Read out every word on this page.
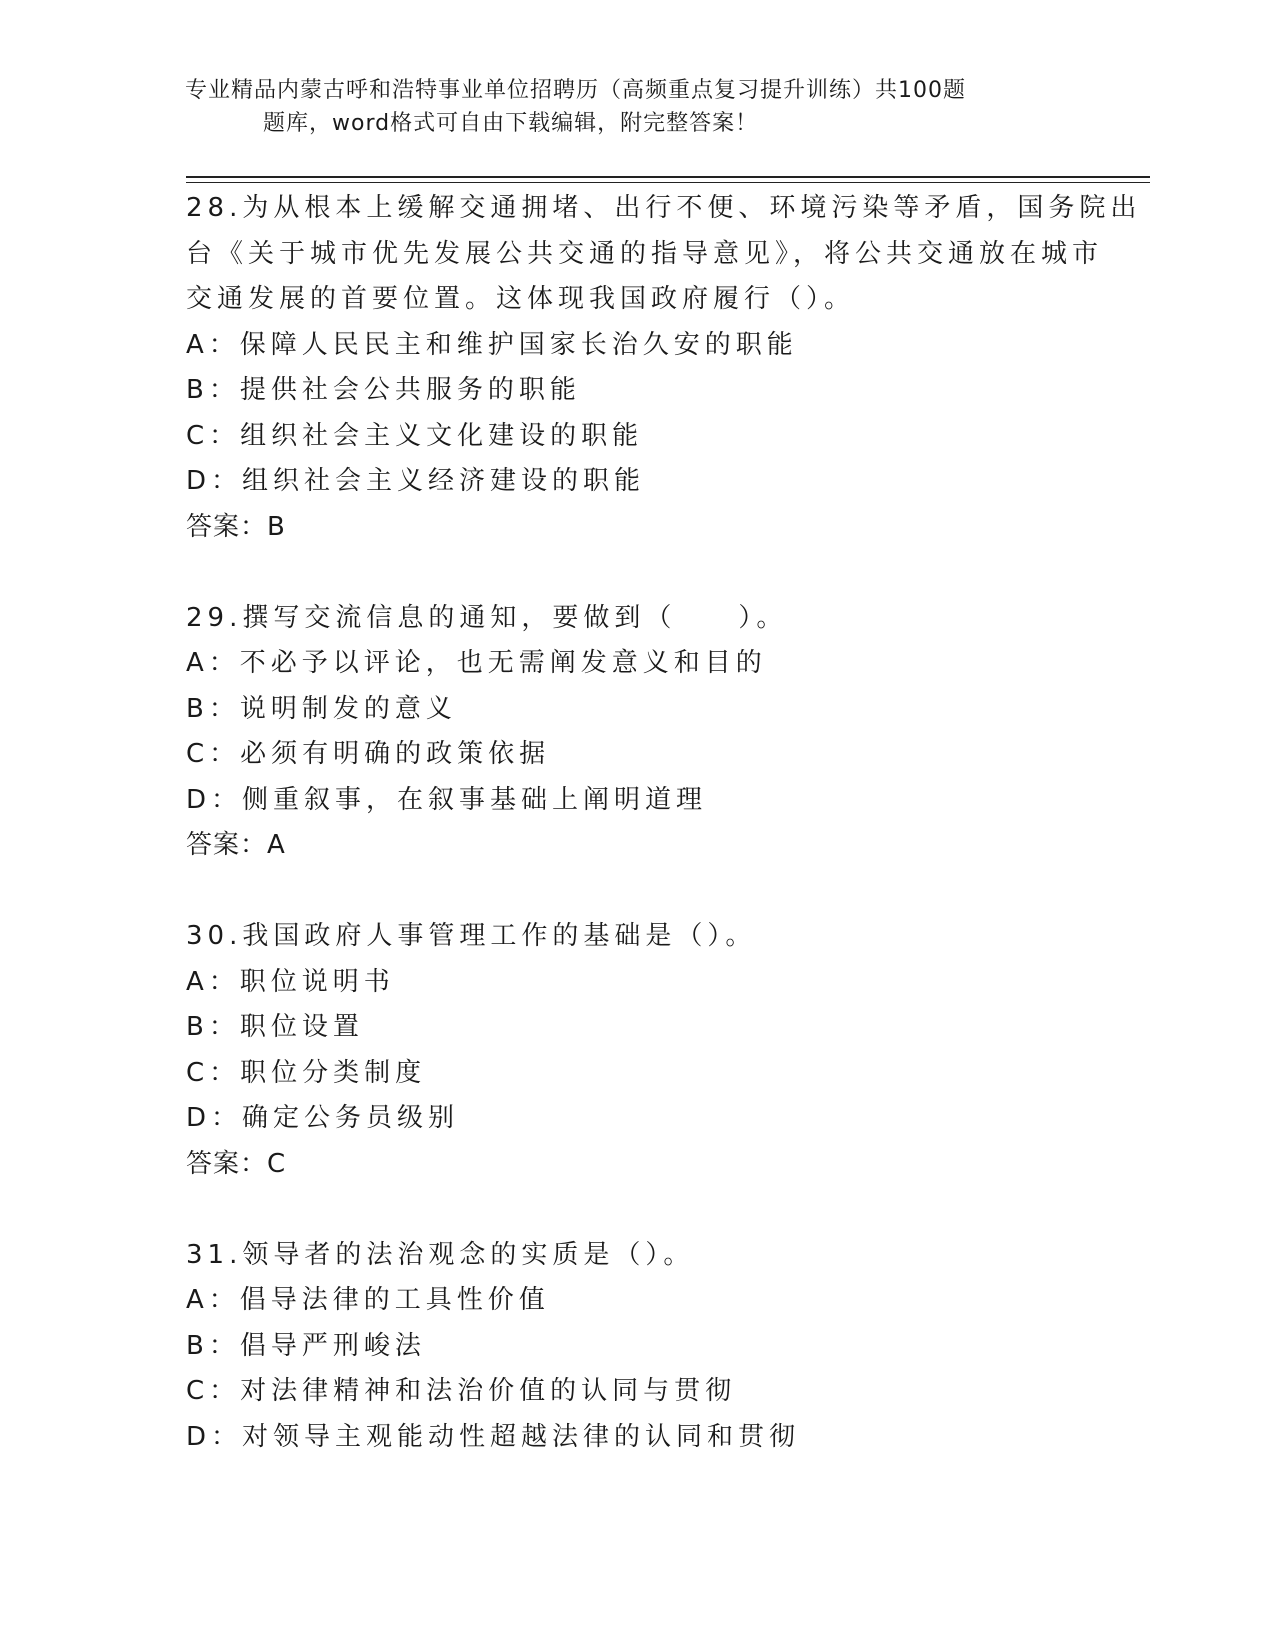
专业精品内蒙古呼和浩特事业单位招聘历（高频重点复习提升训练）共100题
题库，word格式可自由下载编辑，附完整答案！
28.为从根本上缓解交通拥堵、出行不便、环境污染等矛盾，国务院出
台《关于城市优先发展公共交通的指导意见》，将公共交通放在城市
交通发展的首要位置。这体现我国政府履行（）。
A：保障人民民主和维护国家长治久安的职能
B：提供社会公共服务的职能
C：组织社会主义文化建设的职能
D：组织社会主义经济建设的职能
答案：B
29.撰写交流信息的通知，要做到（　　）。
A：不必予以评论，也无需阐发意义和目的
B：说明制发的意义
C：必须有明确的政策依据
D：侧重叙事，在叙事基础上阐明道理
答案：A
30.我国政府人事管理工作的基础是（）。
A：职位说明书
B：职位设置
C：职位分类制度
D：确定公务员级别
答案：C
31.领导者的法治观念的实质是（）。
A：倡导法律的工具性价值
B：倡导严刑峻法
C：对法律精神和法治价值的认同与贯彻
D：对领导主观能动性超越法律的认同和贯彻
